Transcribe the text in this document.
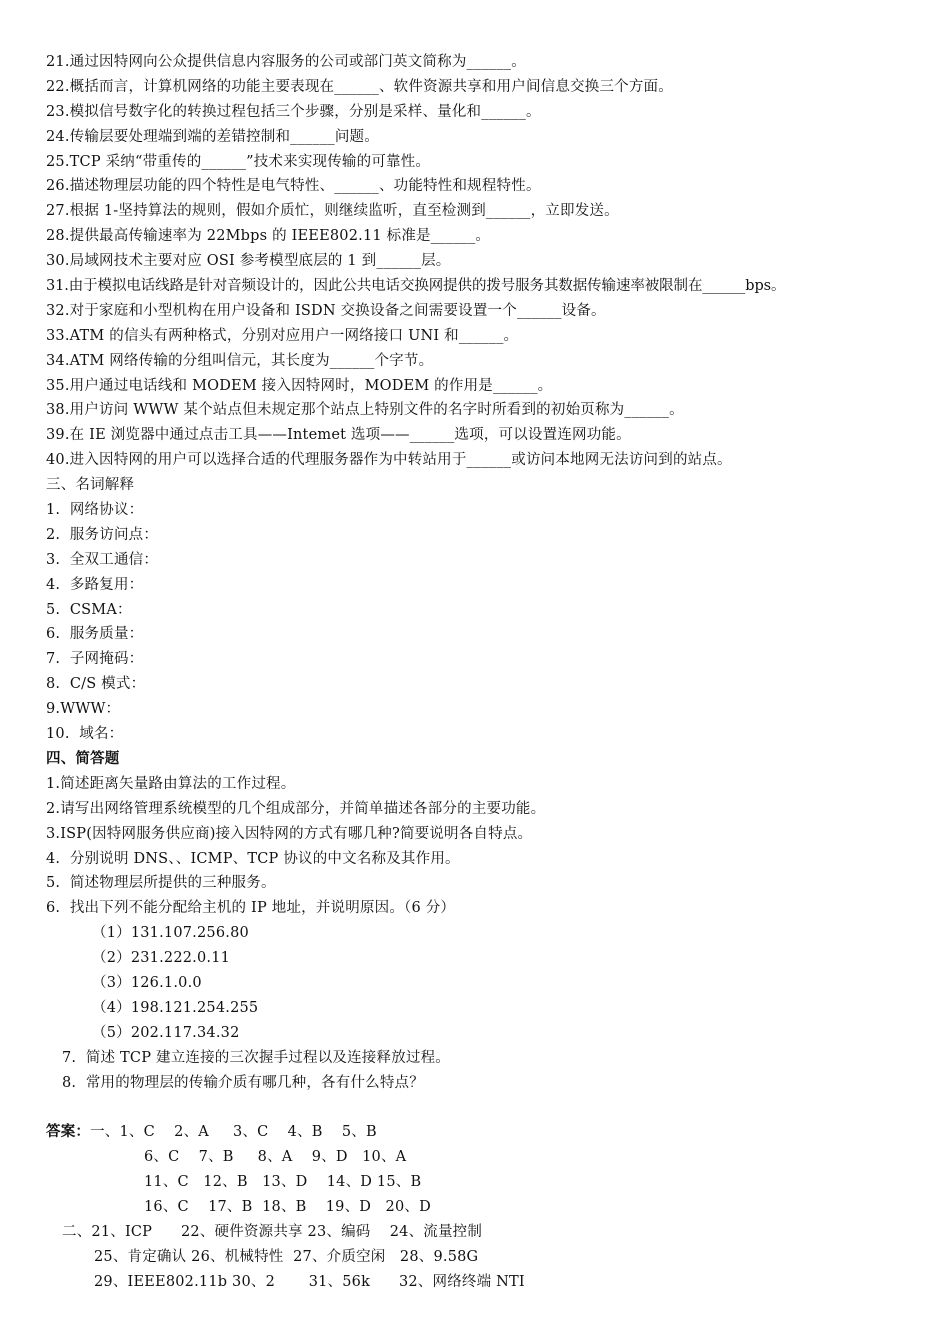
21.通过因特网向公众提供信息内容服务的公司或部门英文简称为______。
22.概括而言，计算机网络的功能主要表现在______、软件资源共享和用户间信息交换三个方面。
23.模拟信号数字化的转换过程包括三个步骤，分别是采样、量化和______。
24.传输层要处理端到端的差错控制和______问题。
25.TCP 采纳“带重传的______”技术来实现传输的可靠性。
26.描述物理层功能的四个特性是电气特性、______、功能特性和规程特性。
27.根据 1-坚持算法的规则，假如介质忙，则继续监听，直至检测到______，立即发送。
28.提供最高传输速率为 22Mbps 的 IEEE802.11 标准是______。
30.局域网技术主要对应 OSI 参考模型底层的 1 到______层。
31.由于模拟电话线路是针对音频设计的，因此公共电话交换网提供的拨号服务其数据传输速率被限制在______bps。
32.对于家庭和小型机构在用户设备和 ISDN 交换设备之间需要设置一个______设备。
33.ATM 的信头有两种格式，分别对应用户一网络接口 UNI 和______。
34.ATM 网络传输的分组叫信元，其长度为______个字节。
35.用户通过电话线和 MODEM 接入因特网时，MODEM 的作用是______。
38.用户访问 WWW 某个站点但未规定那个站点上特别文件的名字时所看到的初始页称为______。
39.在 IE 浏览器中通过点击工具——Intemet 选项——______选项，可以设置连网功能。
40.进入因特网的用户可以选择合适的代理服务器作为中转站用于______或访问本地网无法访问到的站点。
三、名词解释
1.  网络协议：
2.  服务访问点：
3.  全双工通信：
4.  多路复用：
5.  CSMA：
6.  服务质量：
7.  子网掩码：
8.  C/S 模式：
9.WWW：
10.  域名：
四、简答题
1.简述距离矢量路由算法的工作过程。
2.请写出网络管理系统模型的几个组成部分，并简单描述各部分的主要功能。
3.ISP(因特网服务供应商)接入因特网的方式有哪几种?简要说明各自特点。
4.  分别说明 DNS、、ICMP、TCP 协议的中文名称及其作用。
5.  简述物理层所提供的三种服务。
6.  找出下列不能分配给主机的 IP 地址，并说明原因。（6 分）
（1）131.107.256.80
（2）231.222.0.11
（3）126.1.0.0
（4）198.121.254.255
（5）202.117.34.32
7.  简述 TCP 建立连接的三次握手过程以及连接释放过程。
8.  常用的物理层的传输介质有哪几种，各有什么特点？
答案：一、1、C    2、A     3、C    4、B    5、B
6、C    7、B     8、A    9、D   10、A
11、C   12、B   13、D    14、D 15、B
16、C    17、B  18、B    19、D   20、D
二、21、ICP      22、硬件资源共享 23、编码    24、流量控制
25、肯定确认 26、机械特性  27、介质空闲   28、9.58G
29、IEEE802.11b 30、2       31、56k      32、网络终端 NTI
